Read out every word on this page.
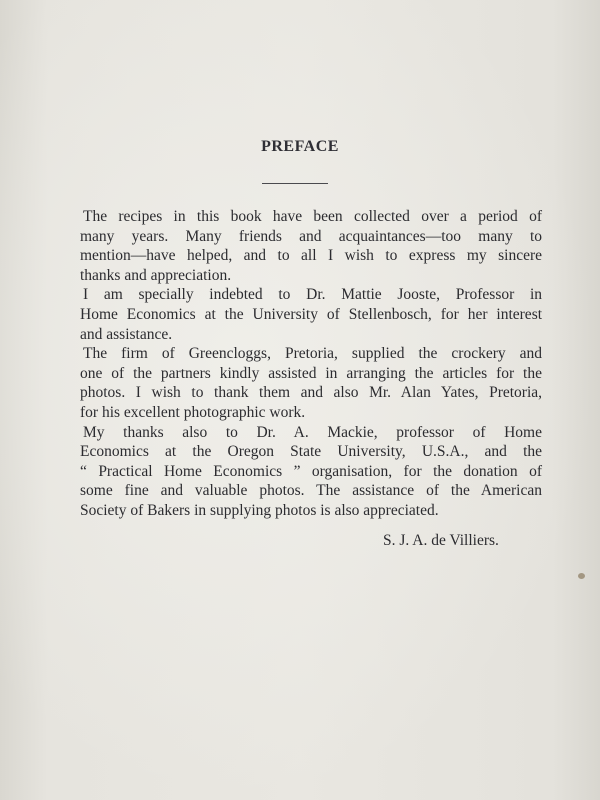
PREFACE
The recipes in this book have been collected over a period of
many years. Many friends and acquaintances—too many to
mention—have helped, and to all I wish to express my sincere
thanks and appreciation.
I am specially indebted to Dr. Mattie Jooste, Professor in
Home Economics at the University of Stellenbosch, for her interest
and assistance.
The firm of Greencloggs, Pretoria, supplied the crockery and
one of the partners kindly assisted in arranging the articles for the
photos. I wish to thank them and also Mr. Alan Yates, Pretoria,
for his excellent photographic work.
My thanks also to Dr. A. Mackie, professor of Home
Economics at the Oregon State University, U.S.A., and the
“ Practical Home Economics ” organisation, for the donation of
some fine and valuable photos. The assistance of the American
Society of Bakers in supplying photos is also appreciated.
S. J. A. de Villiers.
